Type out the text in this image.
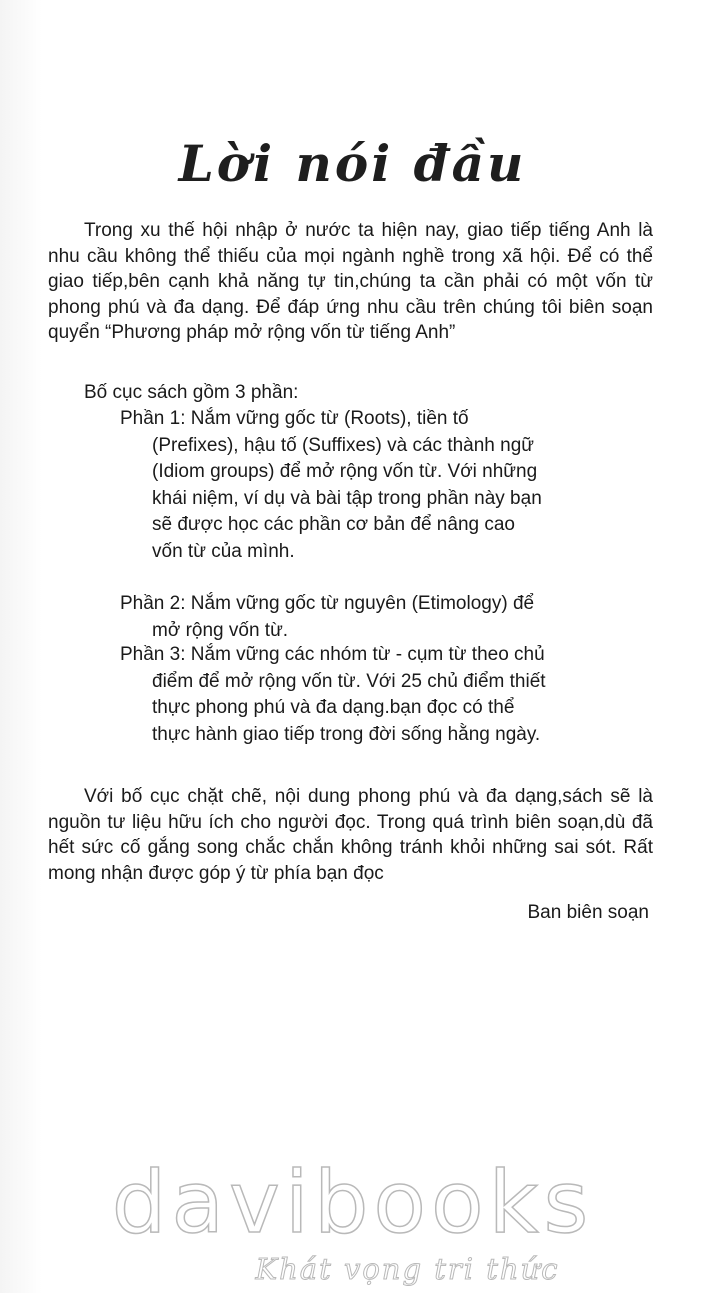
Lời nói đầu

Trong xu thế hội nhập ở nước ta hiện nay, giao tiếp tiếng Anh là nhu cầu không thể thiếu của mọi ngành nghề trong xã hội. Để có thể giao tiếp,bên cạnh khả năng tự tin,chúng ta cần phải có một vốn từ phong phú và đa dạng. Để đáp ứng nhu cầu trên chúng tôi biên soạn quyển “Phương pháp mở rộng vốn từ tiếng Anh”

Bố cục sách gồm 3 phần:

Phần 1: Nắm vững gốc từ (Roots), tiền tố (Prefixes), hậu tố (Suffixes) và các thành ngữ (Idiom groups) để mở rộng vốn từ. Với những khái niệm, ví dụ và bài tập trong phần này bạn sẽ được học các phần cơ bản để nâng cao vốn từ của mình.
Phần 2: Nắm vững gốc từ nguyên (Etimology) để mở rộng vốn từ.
Phần 3: Nắm vững các nhóm từ - cụm từ theo chủ điểm để mở rộng vốn từ. Với 25 chủ điểm thiết thực phong phú và đa dạng.bạn đọc có thể thực hành giao tiếp trong đời sống hằng ngày.

Với bố cục chặt chẽ, nội dung phong phú và đa dạng,sách sẽ là nguồn tư liệu hữu ích cho người đọc. Trong quá trình biên soạn,dù đã hết sức cố gắng song chắc chắn không tránh khỏi những sai sót. Rất mong nhận được góp ý từ phía bạn đọc

Ban biên soạn
davibooks
Khát vọng tri thức
